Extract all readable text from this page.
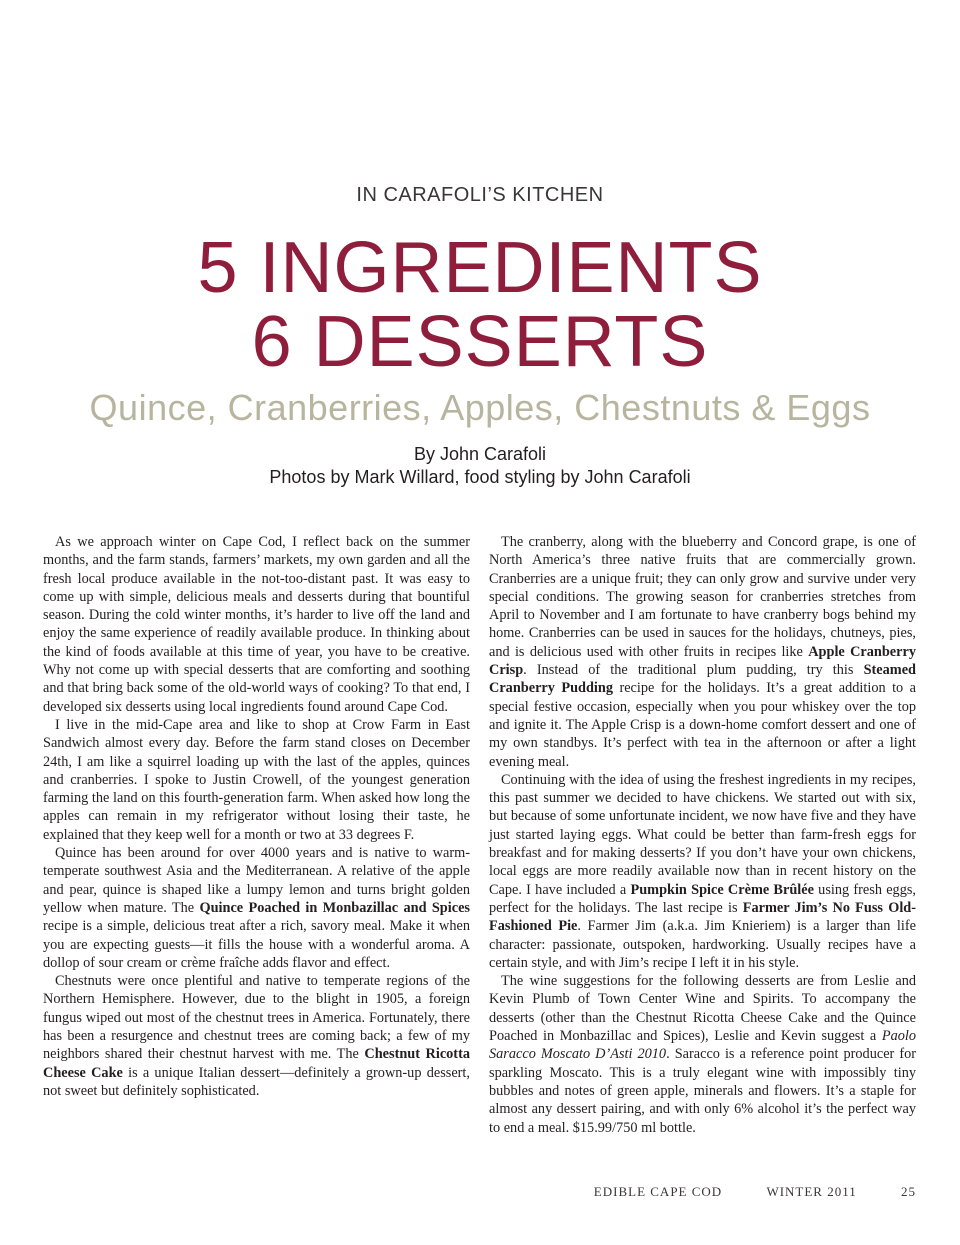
IN CARAFOLI’S KITCHEN
5 INGREDIENTS
6 DESSERTS
Quince, Cranberries, Apples, Chestnuts & Eggs
By John Carafoli
Photos by Mark Willard, food styling by John Carafoli

As we approach winter on Cape Cod, I reflect back on the summer months, and the farm stands, farmers’ markets, my own garden and all the fresh local produce available in the not-too-distant past. It was easy to come up with simple, delicious meals and desserts during that bountiful season. During the cold winter months, it’s harder to live off the land and enjoy the same experience of readily available produce. In thinking about the kind of foods available at this time of year, you have to be creative. Why not come up with special desserts that are comforting and soothing and that bring back some of the old-world ways of cooking? To that end, I developed six desserts using local ingredients found around Cape Cod.

I live in the mid-Cape area and like to shop at Crow Farm in East Sandwich almost every day. Before the farm stand closes on December 24th, I am like a squirrel loading up with the last of the apples, quinces and cranberries. I spoke to Justin Crowell, of the youngest generation farming the land on this fourth-generation farm. When asked how long the apples can remain in my refrigerator without losing their taste, he explained that they keep well for a month or two at 33 degrees F.

Quince has been around for over 4000 years and is native to warm-temperate southwest Asia and the Mediterranean. A relative of the apple and pear, quince is shaped like a lumpy lemon and turns bright golden yellow when mature. The Quince Poached in Monbazillac and Spices recipe is a simple, delicious treat after a rich, savory meal. Make it when you are expecting guests—it fills the house with a wonderful aroma. A dollop of sour cream or crème fraîche adds flavor and effect.

Chestnuts were once plentiful and native to temperate regions of the Northern Hemisphere. However, due to the blight in 1905, a foreign fungus wiped out most of the chestnut trees in America. Fortunately, there has been a resurgence and chestnut trees are coming back; a few of my neighbors shared their chestnut harvest with me. The Chestnut Ricotta Cheese Cake is a unique Italian dessert—definitely a grown-up dessert, not sweet but definitely sophisticated.

The cranberry, along with the blueberry and Concord grape, is one of North America’s three native fruits that are commercially grown. Cranberries are a unique fruit; they can only grow and survive under very special conditions. The growing season for cranberries stretches from April to November and I am fortunate to have cranberry bogs behind my home. Cranberries can be used in sauces for the holidays, chutneys, pies, and is delicious used with other fruits in recipes like Apple Cranberry Crisp. Instead of the traditional plum pudding, try this Steamed Cranberry Pudding recipe for the holidays. It’s a great addition to a special festive occasion, especially when you pour whiskey over the top and ignite it. The Apple Crisp is a down-home comfort dessert and one of my own standbys. It’s perfect with tea in the afternoon or after a light evening meal.

Continuing with the idea of using the freshest ingredients in my recipes, this past summer we decided to have chickens. We started out with six, but because of some unfortunate incident, we now have five and they have just started laying eggs. What could be better than farm-fresh eggs for breakfast and for making desserts? If you don’t have your own chickens, local eggs are more readily available now than in recent history on the Cape. I have included a Pumpkin Spice Crème Brûlée using fresh eggs, perfect for the holidays. The last recipe is Farmer Jim’s No Fuss Old-Fashioned Pie. Farmer Jim (a.k.a. Jim Knieriem) is a larger than life character: passionate, outspoken, hardworking. Usually recipes have a certain style, and with Jim’s recipe I left it in his style.

The wine suggestions for the following desserts are from Leslie and Kevin Plumb of Town Center Wine and Spirits. To accompany the desserts (other than the Chestnut Ricotta Cheese Cake and the Quince Poached in Monbazillac and Spices), Leslie and Kevin suggest a Paolo Saracco Moscato D’Asti 2010. Saracco is a reference point producer for sparkling Moscato. This is a truly elegant wine with impossibly tiny bubbles and notes of green apple, minerals and flowers. It’s a staple for almost any dessert pairing, and with only 6% alcohol it’s the perfect way to end a meal. $15.99/750 ml bottle.

EDIBLE CAPE COD	WINTER 2011	25
